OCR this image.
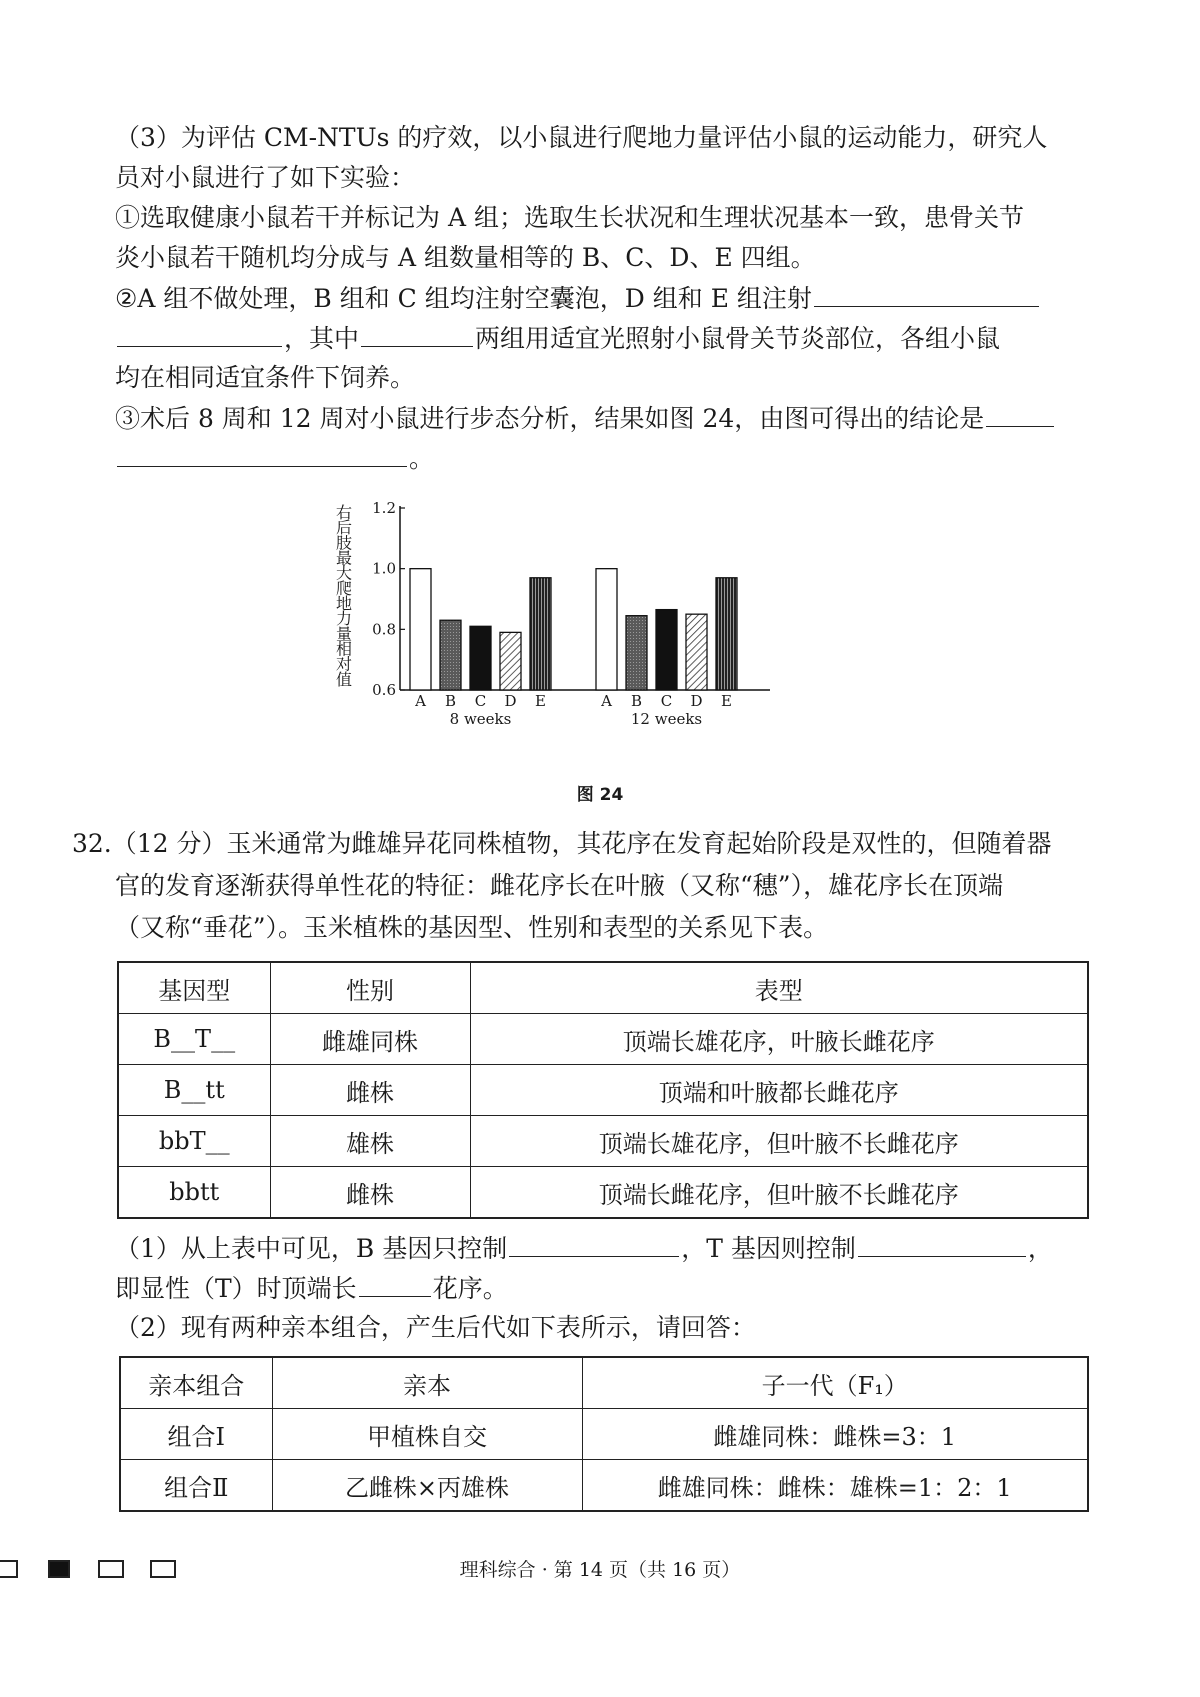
（3）为评估 CM-NTUs 的疗效，以小鼠进行爬地力量评估小鼠的运动能力，研究人
员对小鼠进行了如下实验：
①选取健康小鼠若干并标记为 A 组；选取生长状况和生理状况基本一致，患骨关节
炎小鼠若干随机均分成与 A 组数量相等的 B、C、D、E 四组。
②A 组不做处理，B 组和 C 组均注射空囊泡，D 组和 E 组注射
，其中	两组用适宜光照射小鼠骨关节炎部位，各组小鼠
均在相同适宜条件下饲养。
③术后 8 周和 12 周对小鼠进行步态分析，结果如图 24，由图可得出的结论是
。
右
后
肢
最
大
爬
地
力
量
相
对
值
0.6
0.8
1.0
1.2
A B C D E
8 weeks
A B C D E
12 weeks
图 24
32.（12 分）玉米通常为雌雄异花同株植物，其花序在发育起始阶段是双性的，但随着器
官的发育逐渐获得单性花的特征：雌花序长在叶腋（又称“穗”），雄花序长在顶端
（又称“垂花”）。玉米植株的基因型、性别和表型的关系见下表。
基因型	性别	表型
B__T__	雌雄同株	顶端长雄花序，叶腋长雌花序
B__tt	雌株	顶端和叶腋都长雌花序
bbT__	雄株	顶端长雄花序，但叶腋不长雌花序
bbtt	雌株	顶端长雌花序，但叶腋不长雌花序
（1）从上表中可见，B 基因只控制	，T 基因则控制	，
即显性（T）时顶端长	花序。
（2）现有两种亲本组合，产生后代如下表所示，请回答：
亲本组合	亲本	子一代（F₁）
组合Ⅰ	甲植株自交	雌雄同株：雌株=3：1
组合Ⅱ	乙雌株×丙雄株	雌雄同株：雌株：雄株=1：2：1
理科综合 · 第 14 页（共 16 页）
